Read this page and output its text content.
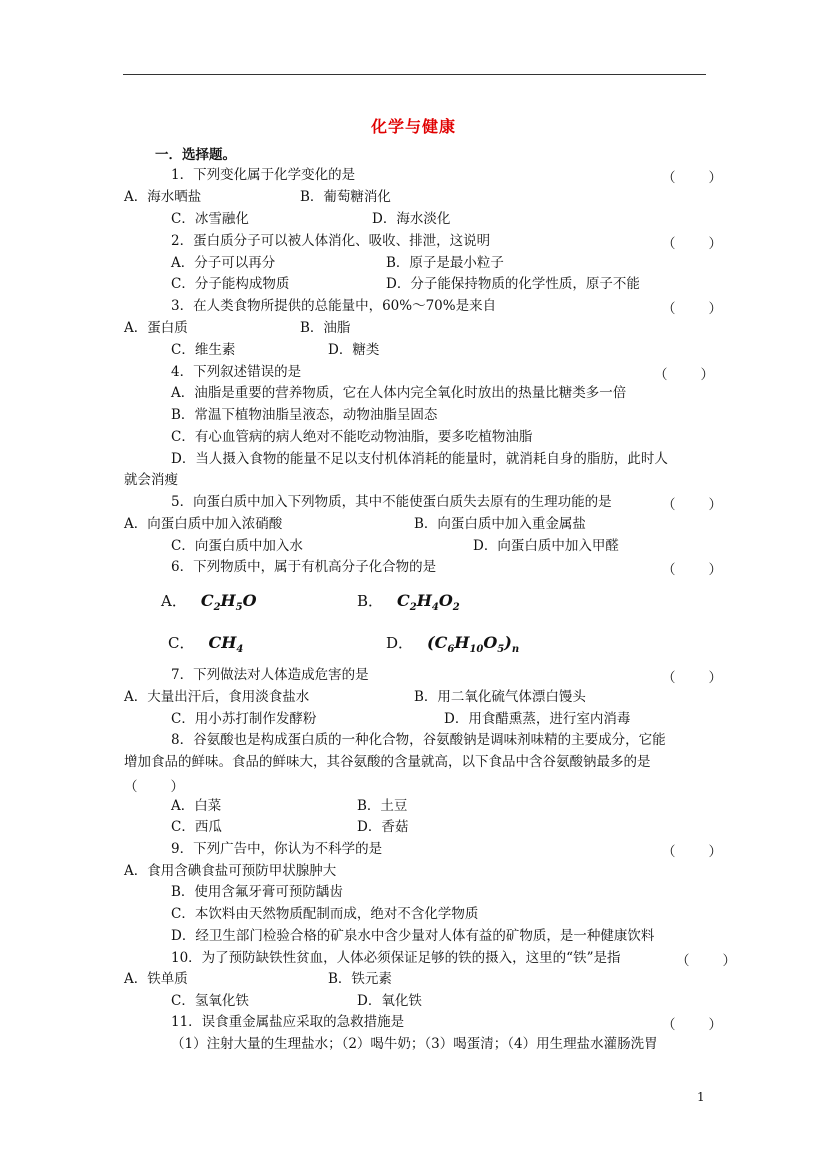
化学与健康
一．选择题。
1．下列变化属于化学变化的是	（　　）
A．海水晒盐	B．葡萄糖消化
C．冰雪融化	D．海水淡化
2．蛋白质分子可以被人体消化、吸收、排泄，这说明	（　　）
A．分子可以再分	B．原子是最小粒子
C．分子能构成物质	D．分子能保持物质的化学性质，原子不能
3．在人类食物所提供的总能量中，60%～70%是来自	（　　）
A．蛋白质	B．油脂
C．维生素	D．糖类
4．下列叙述错误的是	（　　）
A．油脂是重要的营养物质，它在人体内完全氧化时放出的热量比糖类多一倍
B．常温下植物油脂呈液态，动物油脂呈固态
C．有心血管病的病人绝对不能吃动物油脂，要多吃植物油脂
D．当人摄入食物的能量不足以支付机体消耗的能量时，就消耗自身的脂肪，此时人
就会消瘦
5．向蛋白质中加入下列物质，其中不能使蛋白质失去原有的生理功能的是	（　　）
A．向蛋白质中加入浓硝酸	B．向蛋白质中加入重金属盐
C．向蛋白质中加入水	D．向蛋白质中加入甲醛
6．下列物质中，属于有机高分子化合物的是	（　　）
A． $C_2H_5O$	B． $C_2H_4O_2$
C． $CH_4$	D． $(C_6H_{10}O_5)_n$
7．下列做法对人体造成危害的是	（　　）
A．大量出汗后，食用淡食盐水	B．用二氧化硫气体漂白馒头
C．用小苏打制作发酵粉	D．用食醋熏蒸，进行室内消毒
8．谷氨酸也是构成蛋白质的一种化合物，谷氨酸钠是调味剂味精的主要成分，它能
增加食品的鲜味。食品的鲜味大，其谷氨酸的含量就高，以下食品中含谷氨酸钠最多的是
（　　）
A．白菜	B．土豆
C．西瓜	D．香菇
9．下列广告中，你认为不科学的是	（　　）
A．食用含碘食盐可预防甲状腺肿大
B．使用含氟牙膏可预防龋齿
C．本饮料由天然物质配制而成，绝对不含化学物质
D．经卫生部门检验合格的矿泉水中含少量对人体有益的矿物质，是一种健康饮料
10．为了预防缺铁性贫血，人体必须保证足够的铁的摄入，这里的“铁”是指	（　　）
A．铁单质	B．铁元素
C．氢氧化铁	D．氧化铁
11．误食重金属盐应采取的急救措施是	（　　）
（1）注射大量的生理盐水；（2）喝牛奶；（3）喝蛋清；（4）用生理盐水灌肠洗胃
1
